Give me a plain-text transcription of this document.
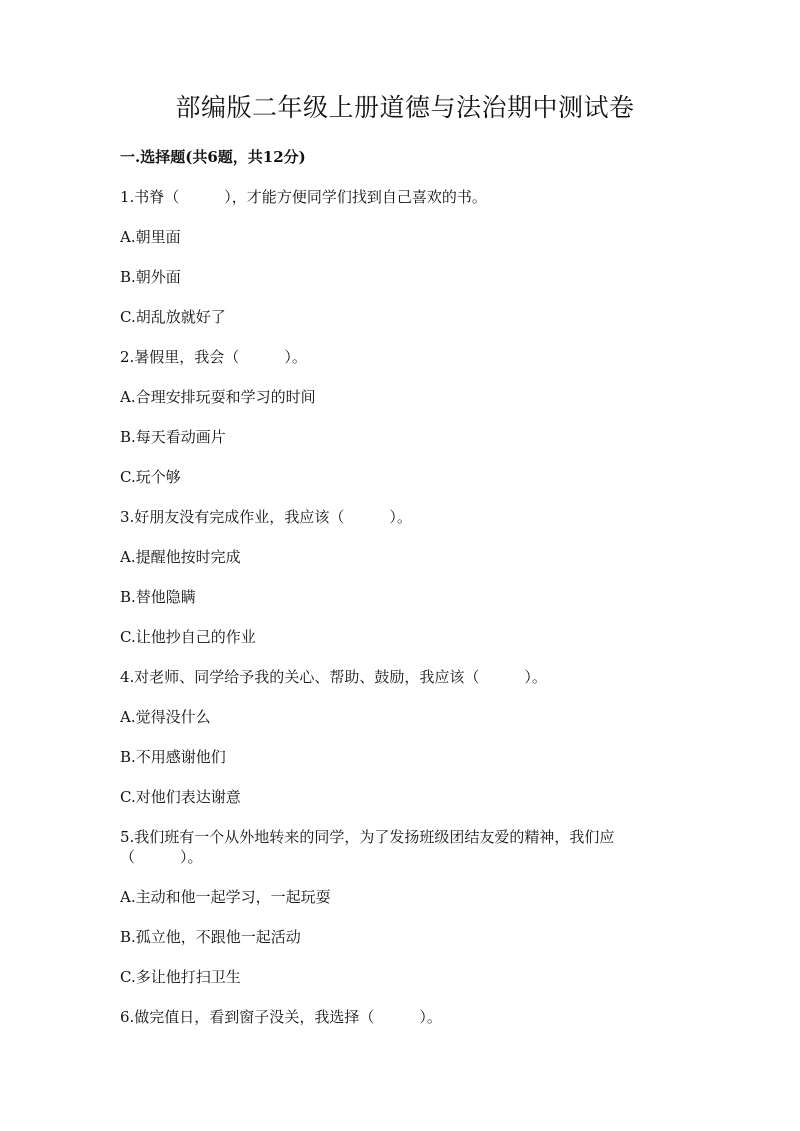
部编版二年级上册道德与法治期中测试卷
一.选择题(共6题，共12分)
1.书脊（　　　），才能方便同学们找到自己喜欢的书。
A.朝里面
B.朝外面
C.胡乱放就好了
2.暑假里，我会（　　　）。
A.合理安排玩耍和学习的时间
B.每天看动画片
C.玩个够
3.好朋友没有完成作业，我应该（　　　）。
A.提醒他按时完成
B.替他隐瞒
C.让他抄自己的作业
4.对老师、同学给予我的关心、帮助、鼓励，我应该（　　　）。
A.觉得没什么
B.不用感谢他们
C.对他们表达谢意
5.我们班有一个从外地转来的同学，为了发扬班级团结友爱的精神，我们应（　　　）。
A.主动和他一起学习，一起玩耍
B.孤立他，不跟他一起活动
C.多让他打扫卫生
6.做完值日，看到窗子没关，我选择（　　　）。
